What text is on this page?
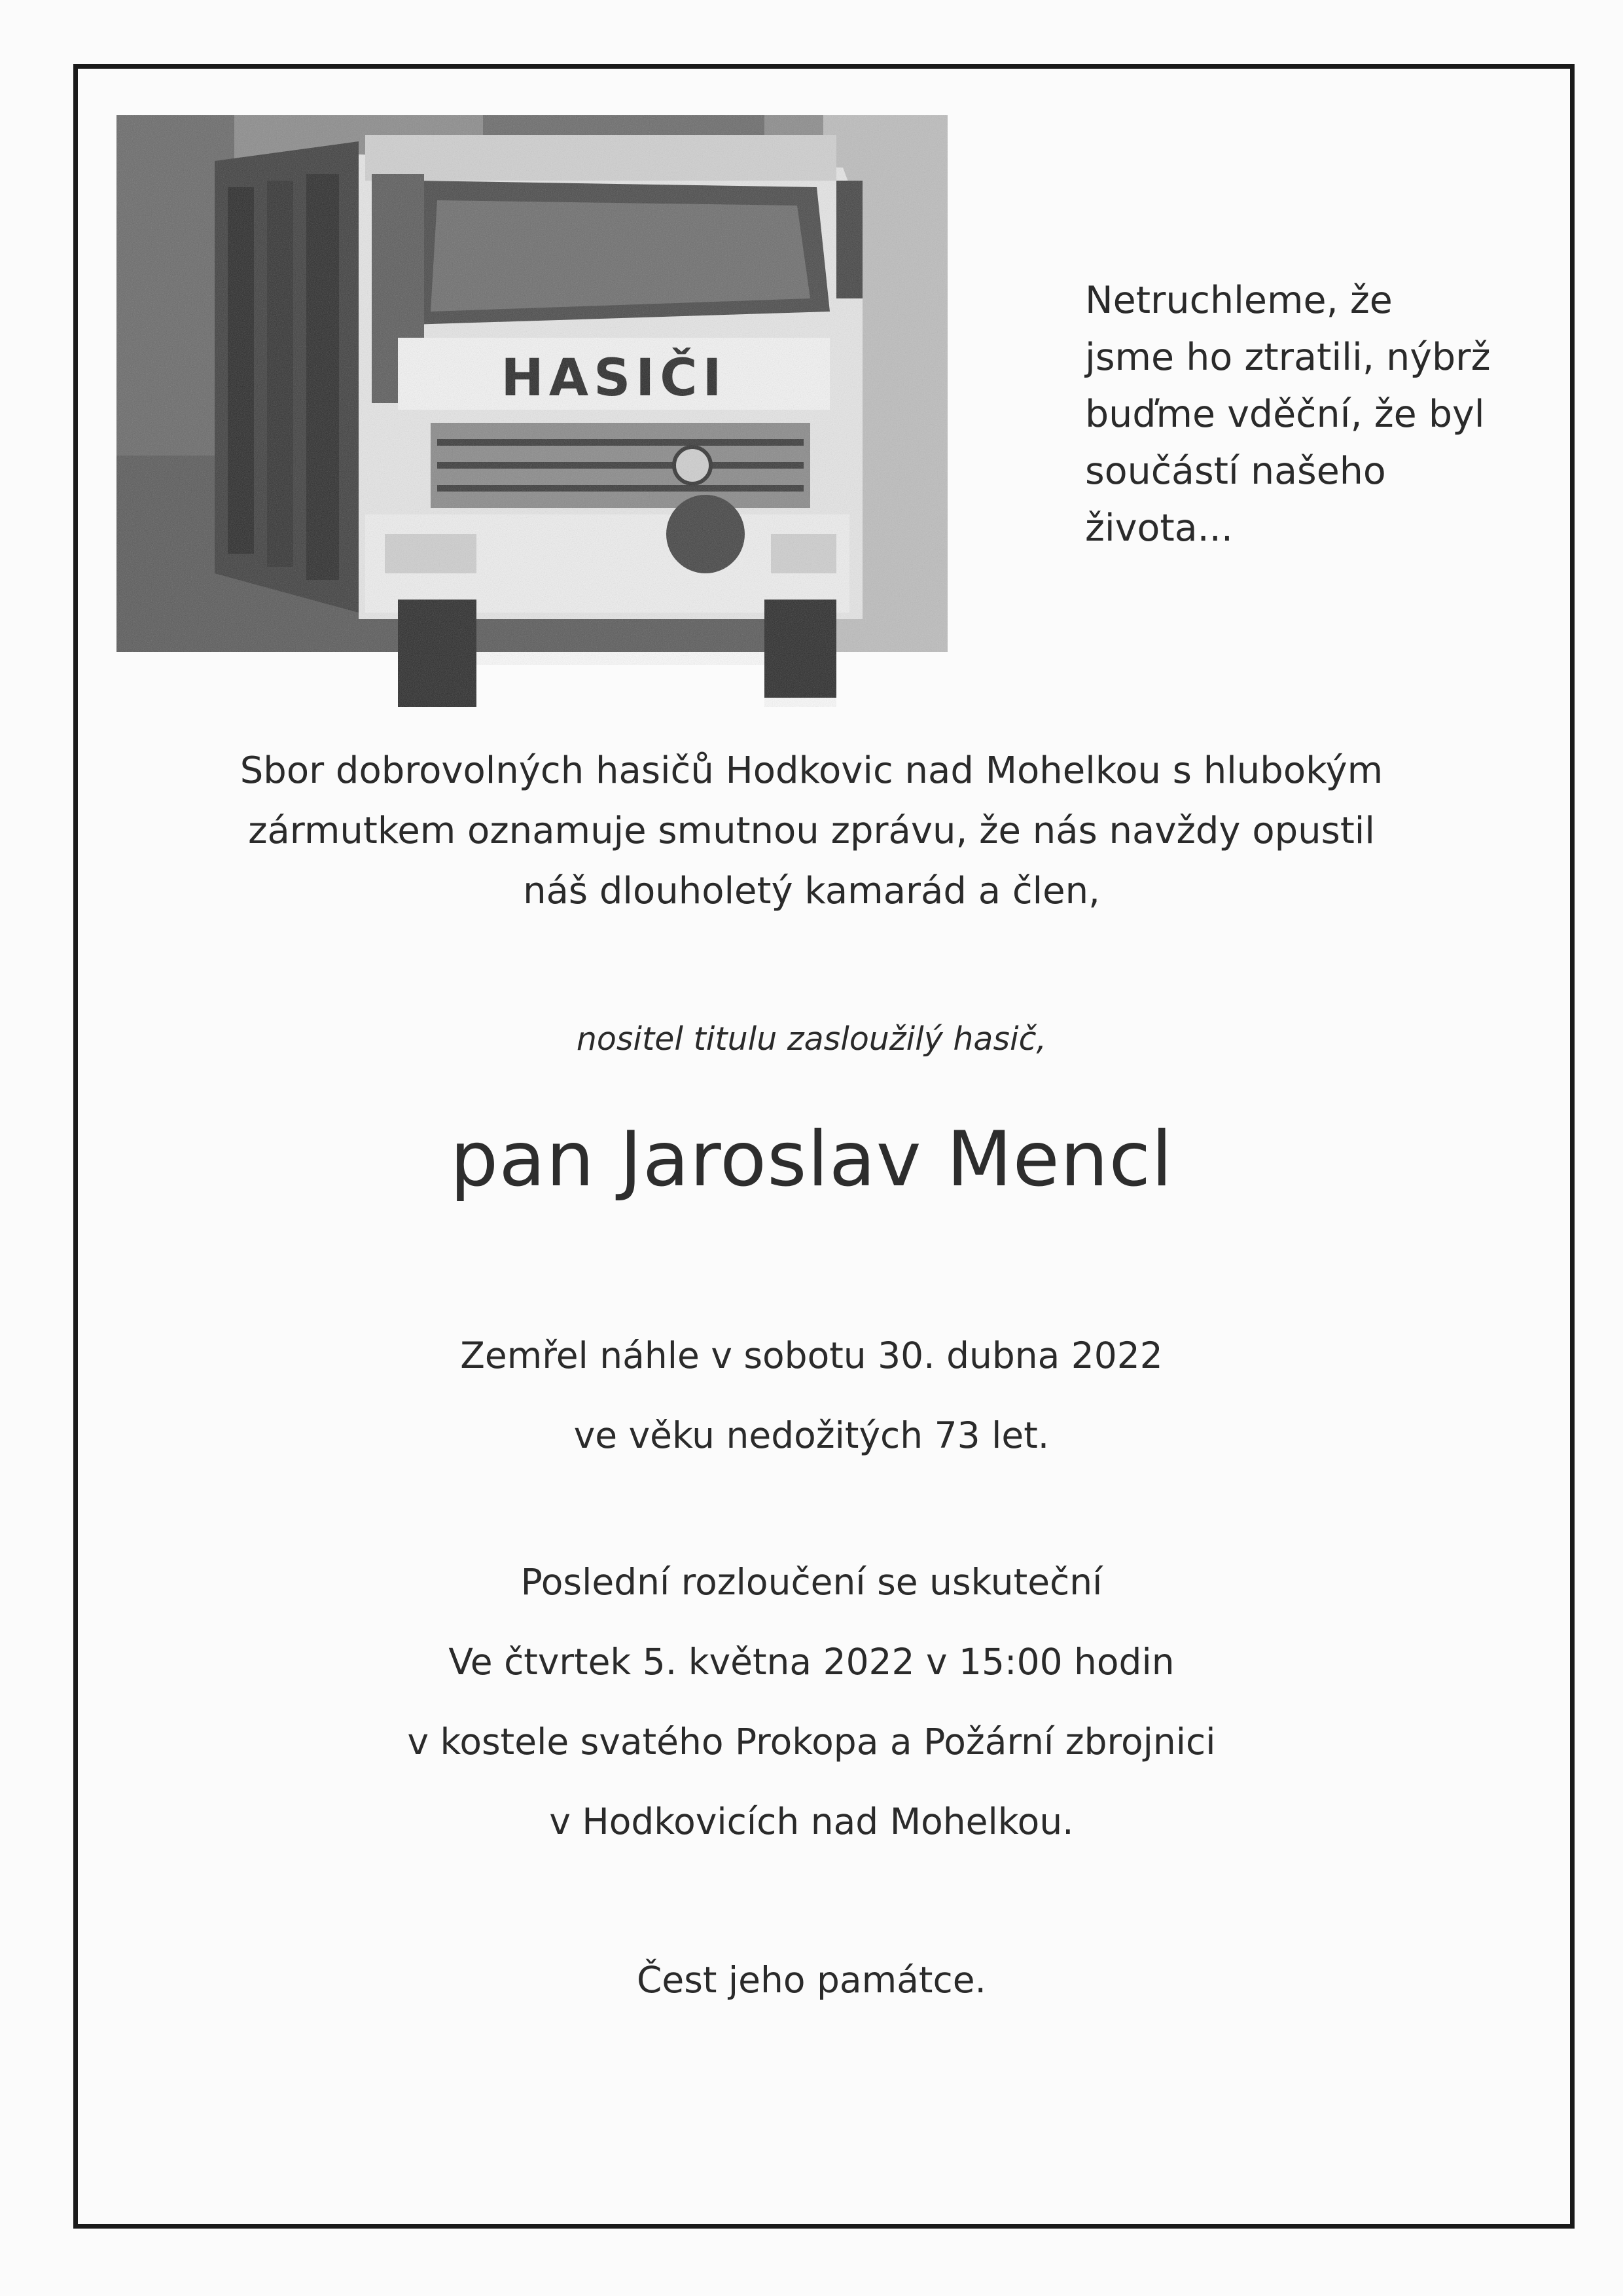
Netruchleme, že
jsme ho ztratili, nýbrž
buďme vděční, že byl
součástí našeho
života...
Sbor dobrovolných hasičů Hodkovic nad Mohelkou s hlubokým
zármutkem oznamuje smutnou zprávu, že nás navždy opustil
náš dlouholetý kamarád a člen,
nositel titulu zasloužilý hasič,
pan Jaroslav Mencl
Zemřel náhle v sobotu 30. dubna 2022
ve věku nedožitých 73 let.
Poslední rozloučení se uskuteční
Ve čtvrtek 5. května 2022 v 15:00 hodin
v kostele svatého Prokopa a Požární zbrojnici
v Hodkovicích nad Mohelkou.
Čest jeho památce.
